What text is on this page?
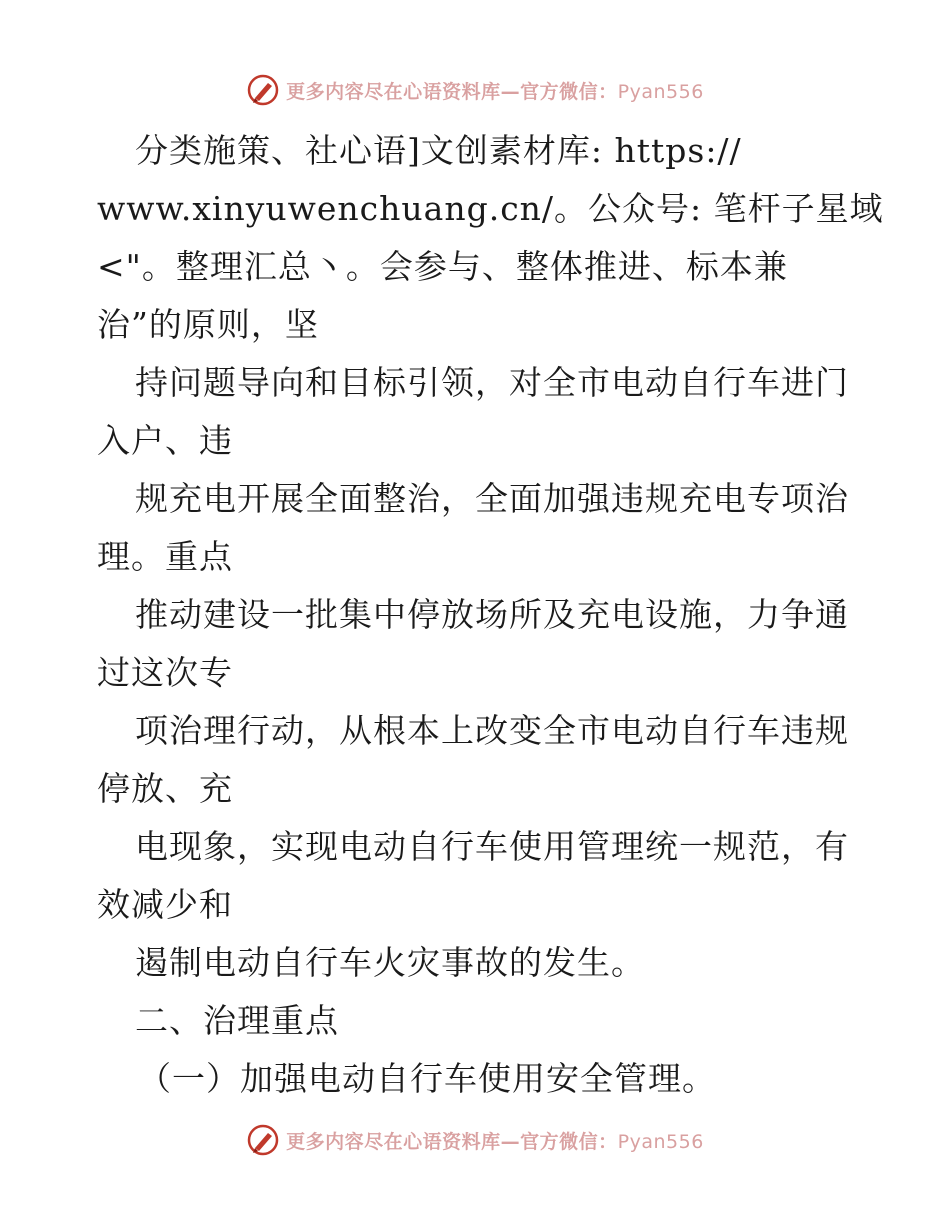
更多内容尽在心语资料库—官方微信：Pyan556
分类施策、社心语]文创素材库: https://
www.xinyuwenchuang.cn/。公众号: 笔杆子星域
<"。整理汇总丶。会参与、整体推进、标本兼
治”的原则，坚
持问题导向和目标引领，对全市电动自行车进门
入户、违
规充电开展全面整治，全面加强违规充电专项治
理。重点
推动建设一批集中停放场所及充电设施，力争通
过这次专
项治理行动，从根本上改变全市电动自行车违规
停放、充
电现象，实现电动自行车使用管理统一规范，有
效减少和
遏制电动自行车火灾事故的发生。
二、治理重点
（一）加强电动自行车使用安全管理。
更多内容尽在心语资料库—官方微信：Pyan556
